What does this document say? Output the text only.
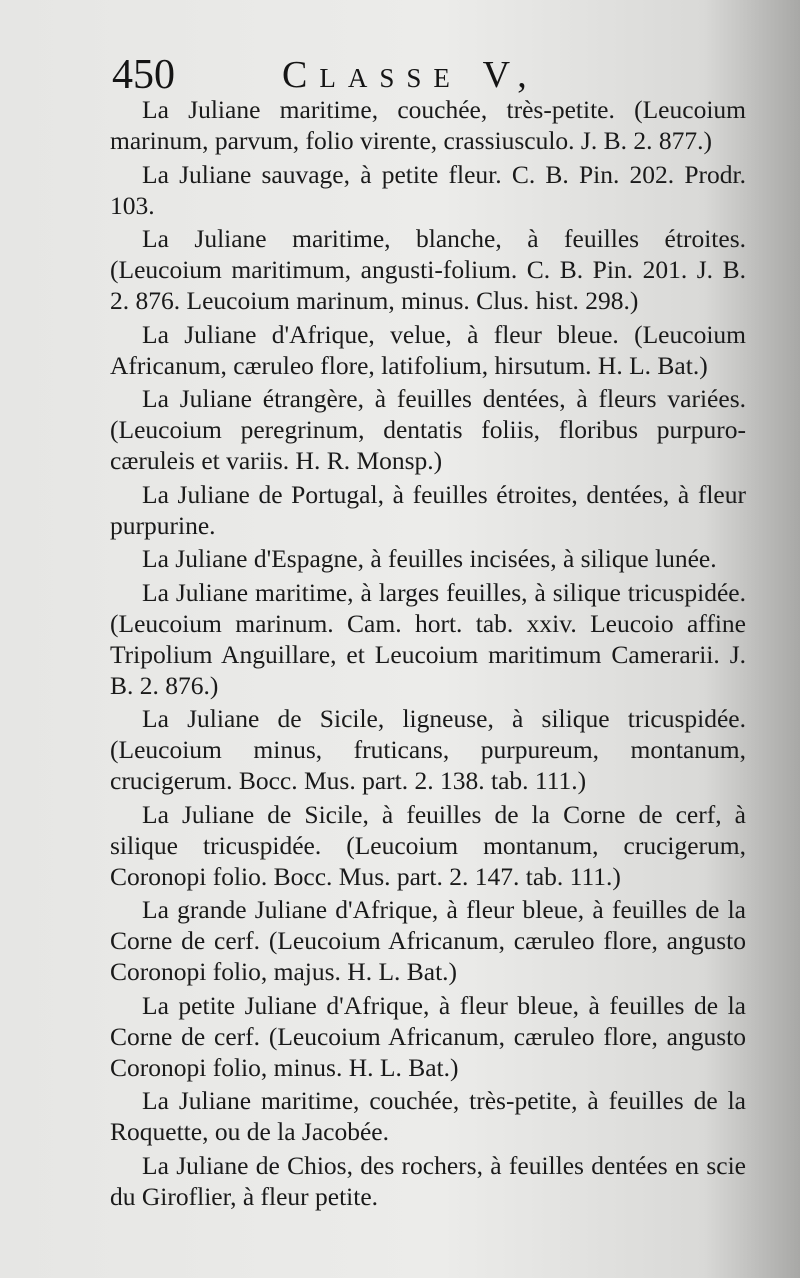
450	Classe V,

La Juliane maritime, couchée, très-petite. (Leucoium marinum, parvum, folio virente, crassiusculo. J. B. 2. 877.)

La Juliane sauvage, à petite fleur. C. B. Pin. 202. Prodr. 103.

La Juliane maritime, blanche, à feuilles étroites. (Leucoium maritimum, angusti-folium. C. B. Pin. 201. J. B. 2. 876. Leucoium marinum, minus. Clus. hist. 298.)

La Juliane d'Afrique, velue, à fleur bleue. (Leucoium Africanum, cæruleo flore, latifolium, hirsutum. H. L. Bat.)

La Juliane étrangère, à feuilles dentées, à fleurs variées. (Leucoium peregrinum, dentatis foliis, floribus purpuro-cæruleis et variis. H. R. Monsp.)

La Juliane de Portugal, à feuilles étroites, dentées, à fleur purpurine.

La Juliane d'Espagne, à feuilles incisées, à silique lunée.

La Juliane maritime, à larges feuilles, à silique tricuspidée. (Leucoium marinum. Cam. hort. tab. xxiv. Leucoio affine Tripolium Anguillare, et Leucoium maritimum Camerarii. J. B. 2. 876.)

La Juliane de Sicile, ligneuse, à silique tricuspidée. (Leucoium minus, fruticans, purpureum, montanum, crucigerum. Bocc. Mus. part. 2. 138. tab. 111.)

La Juliane de Sicile, à feuilles de la Corne de cerf, à silique tricuspidée. (Leucoium montanum, crucigerum, Coronopi folio. Bocc. Mus. part. 2. 147. tab. 111.)

La grande Juliane d'Afrique, à fleur bleue, à feuilles de la Corne de cerf. (Leucoium Africanum, cæruleo flore, angusto Coronopi folio, majus. H. L. Bat.)

La petite Juliane d'Afrique, à fleur bleue, à feuilles de la Corne de cerf. (Leucoium Africanum, cæruleo flore, angusto Coronopi folio, minus. H. L. Bat.)

La Juliane maritime, couchée, très-petite, à feuilles de la Roquette, ou de la Jacobée.

La Juliane de Chios, des rochers, à feuilles dentées en scie du Giroflier, à fleur petite.
